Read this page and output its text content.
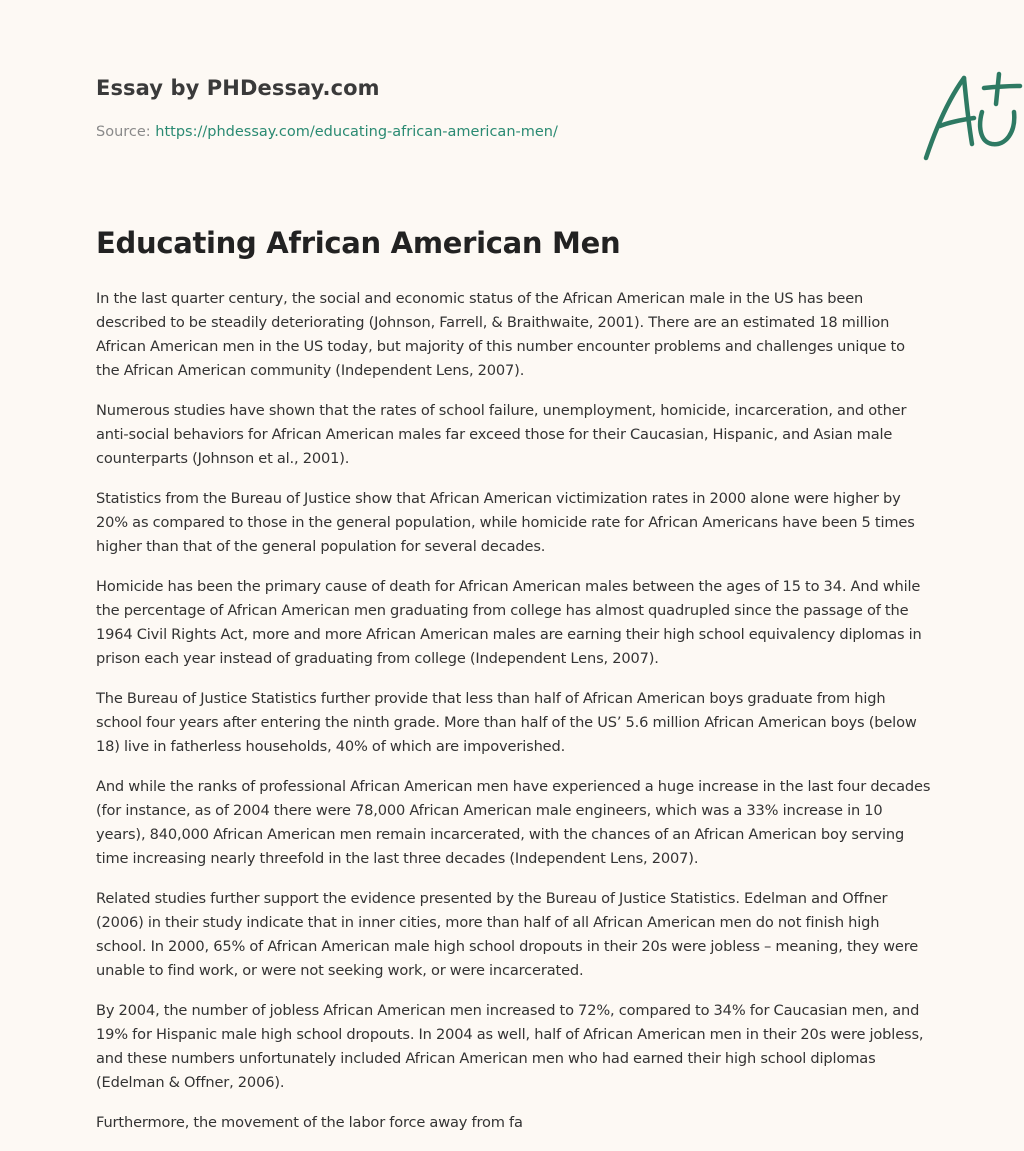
Essay by PHDessay.com
Source: https://phdessay.com/educating-african-american-men/
Educating African American Men

In the last quarter century, the social and economic status of the African American male in the US has been described to be steadily deteriorating (Johnson, Farrell, & Braithwaite, 2001). There are an estimated 18 million African American men in the US today, but majority of this number encounter problems and challenges unique to the African American community (Independent Lens, 2007).

Numerous studies have shown that the rates of school failure, unemployment, homicide, incarceration, and other anti-social behaviors for African American males far exceed those for their Caucasian, Hispanic, and Asian male counterparts (Johnson et al., 2001).

Statistics from the Bureau of Justice show that African American victimization rates in 2000 alone were higher by 20% as compared to those in the general population, while homicide rate for African Americans have been 5 times higher than that of the general population for several decades.

Homicide has been the primary cause of death for African American males between the ages of 15 to 34. And while the percentage of African American men graduating from college has almost quadrupled since the passage of the 1964 Civil Rights Act, more and more African American males are earning their high school equivalency diplomas in prison each year instead of graduating from college (Independent Lens, 2007).

The Bureau of Justice Statistics further provide that less than half of African American boys graduate from high school four years after entering the ninth grade. More than half of the US’ 5.6 million African American boys (below 18) live in fatherless households, 40% of which are impoverished.

And while the ranks of professional African American men have experienced a huge increase in the last four decades (for instance, as of 2004 there were 78,000 African American male engineers, which was a 33% increase in 10 years), 840,000 African American men remain incarcerated, with the chances of an African American boy serving time increasing nearly threefold in the last three decades (Independent Lens, 2007).

Related studies further support the evidence presented by the Bureau of Justice Statistics. Edelman and Offner (2006) in their study indicate that in inner cities, more than half of all African American men do not finish high school. In 2000, 65% of African American male high school dropouts in their 20s were jobless – meaning, they were unable to find work, or were not seeking work, or were incarcerated.

By 2004, the number of jobless African American men increased to 72%, compared to 34% for Caucasian men, and 19% for Hispanic male high school dropouts. In 2004 as well, half of African American men in their 20s were jobless, and these numbers unfortunately included African American men who had earned their high school diplomas (Edelman & Offner, 2006).

Furthermore, the movement of the labor force away from fa
